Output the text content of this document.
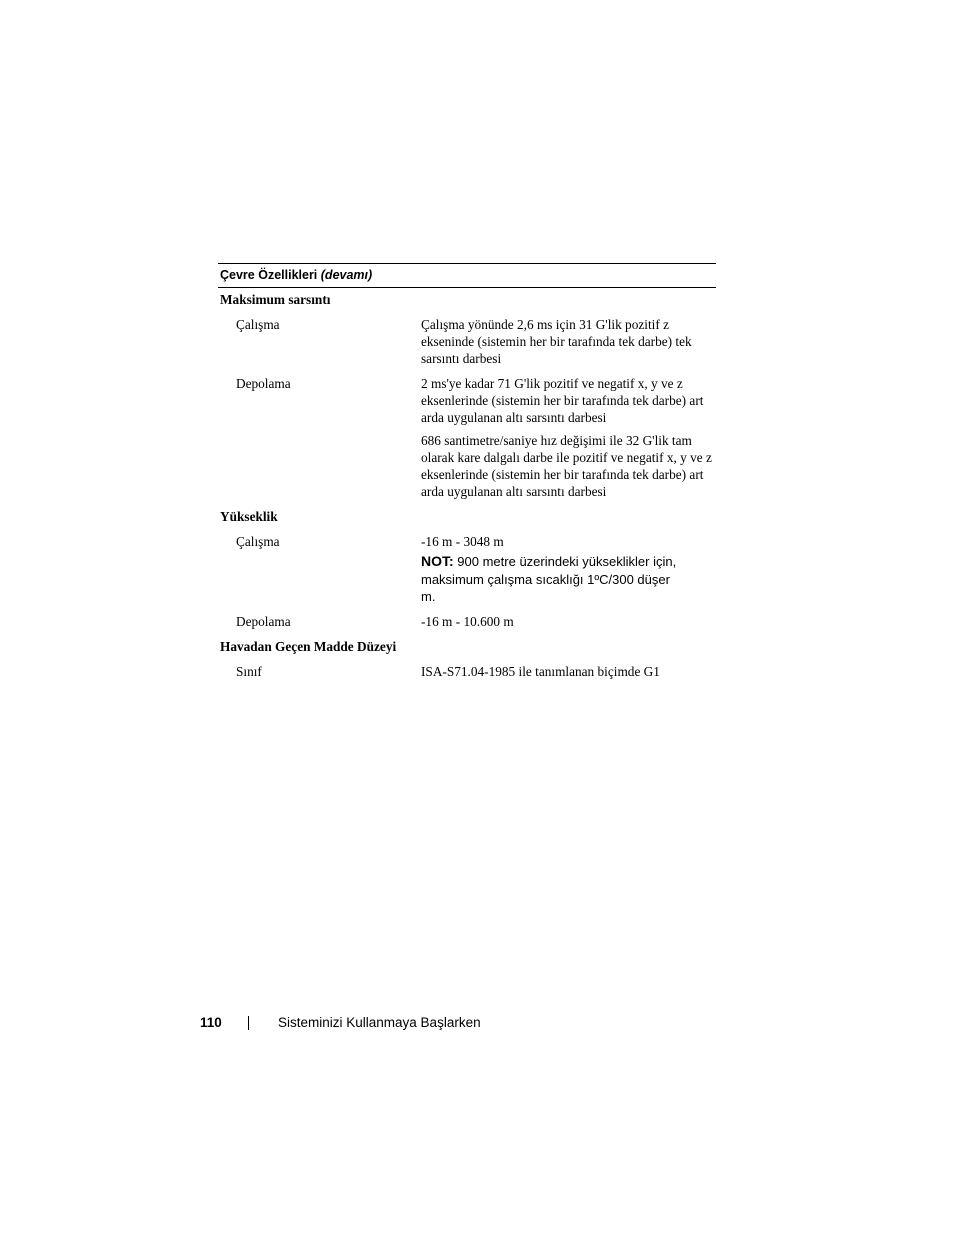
Çevre Özellikleri (devamı)
Maksimum sarsıntı
Çalışma	Çalışma yönünde 2,6 ms için 31 G'lik pozitif z ekseninde (sistemin her bir tarafında tek darbe) tek sarsıntı darbesi
Depolama	2 ms'ye kadar 71 G'lik pozitif ve negatif x, y ve z eksenlerinde (sistemin her bir tarafında tek darbe) art arda uygulanan altı sarsıntı darbesi
686 santimetre/saniye hız değişimi ile 32 G'lik tam olarak kare dalgalı darbe ile pozitif ve negatif x, y ve z eksenlerinde (sistemin her bir tarafında tek darbe) art arda uygulanan altı sarsıntı darbesi
Yükseklik
Çalışma	-16 m - 3048 m
NOT: 900 metre üzerindeki yükseklikler için, maksimum çalışma sıcaklığı 1ºC/300 düşer m.
Depolama	-16 m - 10.600 m
Havadan Geçen Madde Düzeyi
Sınıf	ISA-S71.04-1985 ile tanımlanan biçimde G1
110	Sisteminizi Kullanmaya Başlarken
